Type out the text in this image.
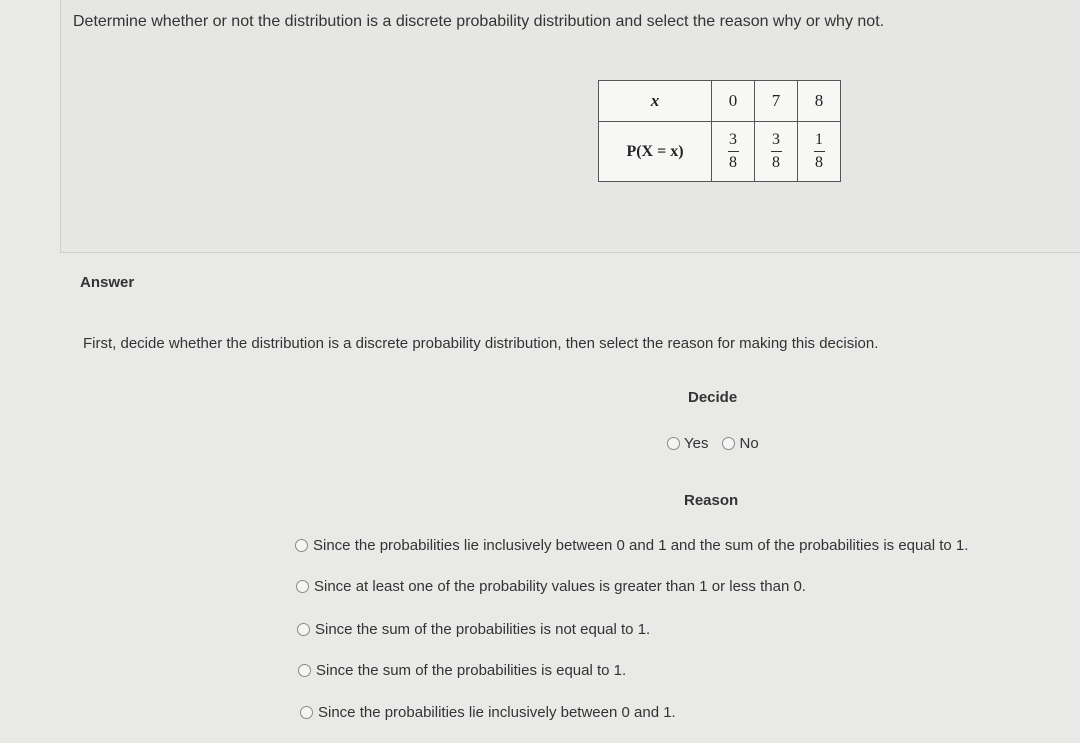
Determine whether or not the distribution is a discrete probability distribution and select the reason why or why not.
x	0	7	8
P(X = x)	$\frac{3}{8}$	$\frac{3}{8}$	$\frac{1}{8}$
Answer
First, decide whether the distribution is a discrete probability distribution, then select the reason for making this decision.
Decide
Yes No
Reason
Since the probabilities lie inclusively between 0 and 1 and the sum of the probabilities is equal to 1.
Since at least one of the probability values is greater than 1 or less than 0.
Since the sum of the probabilities is not equal to 1.
Since the sum of the probabilities is equal to 1.
Since the probabilities lie inclusively between 0 and 1.
